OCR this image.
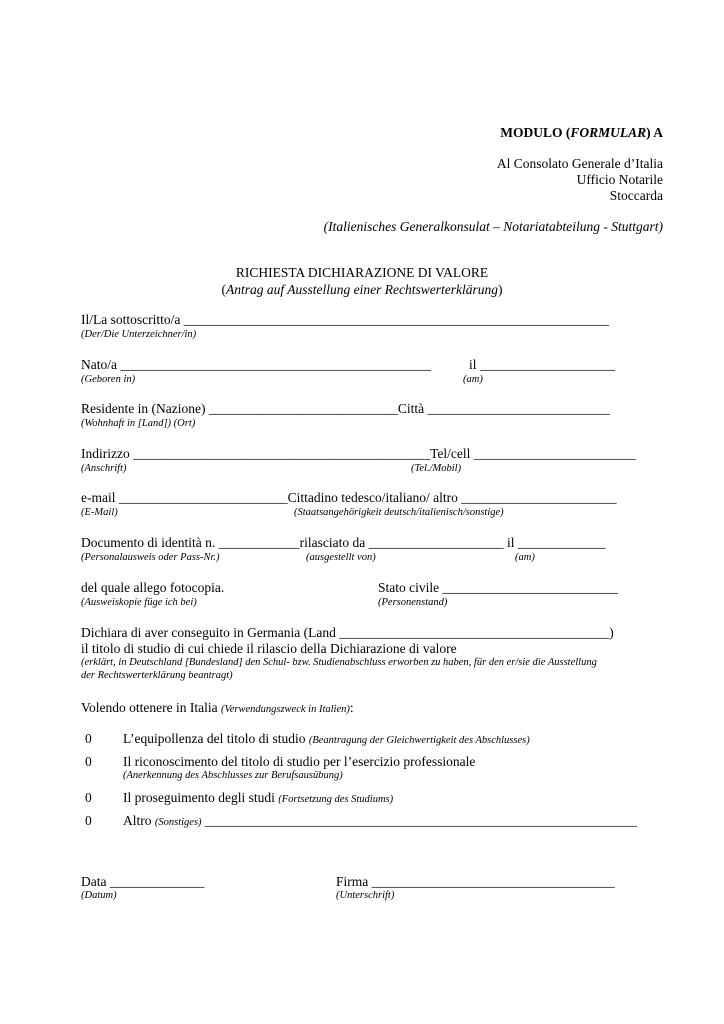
MODULO (FORMULAR) A
Al Consolato Generale d’Italia
Ufficio Notarile
Stoccarda
(Italienisches Generalkonsulat – Notariatabteilung - Stuttgart)
RICHIESTA DICHIARAZIONE DI VALORE
(Antrag auf Ausstellung einer Rechtswerterklärung)
Il/La sottoscritto/a _______________________________________________________________
(Der/Die Unterzeichner/in)
Nato/a ______________________________________________	il ____________________
(Geboren in)	(am)
Residente in (Nazione) ____________________________Città ___________________________
(Wohnhaft in [Land]) (Ort)
Indirizzo ____________________________________________Tel/cell ________________________
(Anschrift)	(Tel./Mobil)
e-mail _________________________Cittadino tedesco/italiano/ altro _______________________
(E-Mail)	(Staatsangehörigkeit deutsch/italienisch/sonstige)
Documento di identità n. ____________rilasciato da ____________________ il _____________
(Personalausweis oder Pass-Nr.)	(ausgestellt von)	(am)
del quale allego fotocopia.
(Ausweiskopie füge ich bei)
Stato civile __________________________
(Personenstand)
Dichiara di aver conseguito in Germania (Land ________________________________________)
il titolo di studio di cui chiede il rilascio della Dichiarazione di valore
(erklärt, in Deutschland [Bundesland] den Schul- bzw. Studienabschluss erworben zu haben, für den er/sie die Ausstellung
der Rechtswerterklärung beantragt)
Volendo ottenere in Italia (Verwendungszweck in Italien):
0 L’equipollenza del titolo di studio (Beantragung der Gleichwertigkeit des Abschlusses)
0 Il riconoscimento del titolo di studio per l’esercizio professionale
(Anerkennung des Abschlusses zur Berufsausübung)
0 Il proseguimento degli studi (Fortsetzung des Studiums)
0 Altro (Sonstiges) ________________________________________________________________
Data ______________
(Datum)
Firma ____________________________________
(Unterschrift)
